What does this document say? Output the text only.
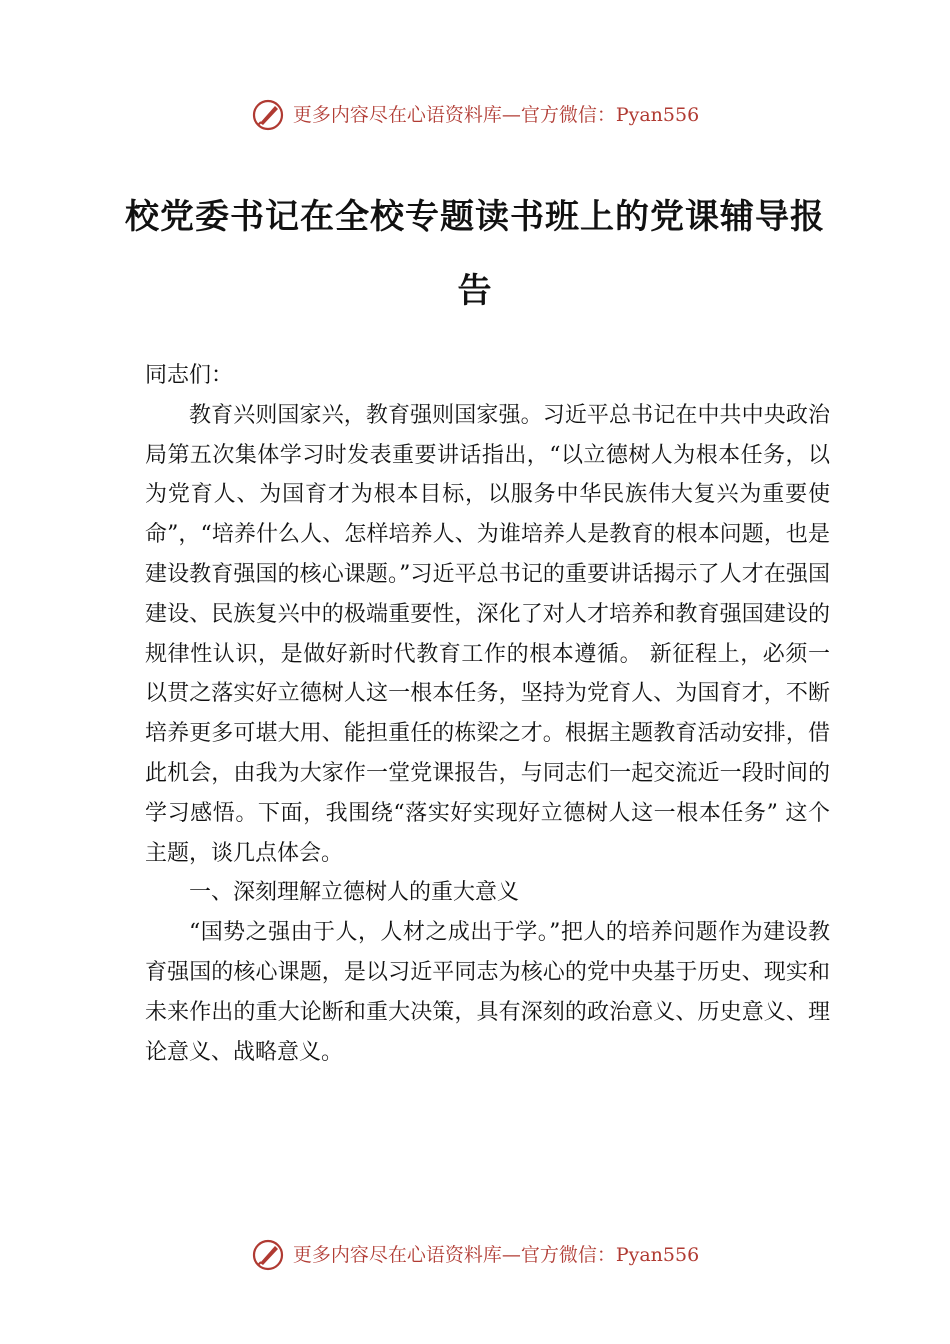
更多内容尽在心语资料库—官方微信：Pyan556
校党委书记在全校专题读书班上的党课辅导报告

同志们：

教育兴则国家兴，教育强则国家强。习近平总书记在中共中央政治局第五次集体学习时发表重要讲话指出，“以立德树人为根本任务，以为党育人、为国育才为根本目标，以服务中华民族伟大复兴为重要使命”，“培养什么人、怎样培养人、为谁培养人是教育的根本问题，也是建设教育强国的核心课题。”习近平总书记的重要讲话揭示了人才在强国建设、民族复兴中的极端重要性，深化了对人才培养和教育强国建设的规律性认识，是做好新时代教育工作的根本遵循。 新征程上，必须一以贯之落实好立德树人这一根本任务，坚持为党育人、为国育才，不断培养更多可堪大用、能担重任的栋梁之才。根据主题教育活动安排，借此机会，由我为大家作一堂党课报告，与同志们一起交流近一段时间的学习感悟。下面，我围绕“落实好实现好立德树人这一根本任务” 这个主题，谈几点体会。

一、深刻理解立德树人的重大意义

“国势之强由于人，人材之成出于学。”把人的培养问题作为建设教育强国的核心课题，是以习近平同志为核心的党中央基于历史、现实和未来作出的重大论断和重大决策，具有深刻的政治意义、历史意义、理论意义、战略意义。

更多内容尽在心语资料库—官方微信：Pyan556
